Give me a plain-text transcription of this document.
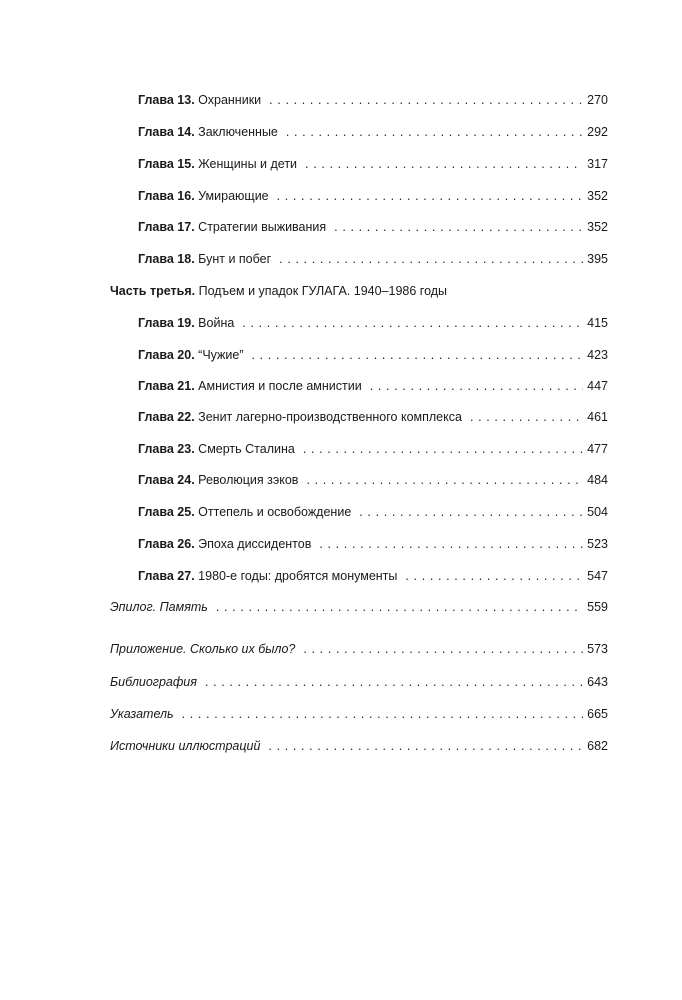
Глава 13. Охранники . . .	270
Глава 14. Заключенные . . .	292
Глава 15. Женщины и дети . . .	317
Глава 16. Умирающие . . .	352
Глава 17. Стратегии выживания . . .	352
Глава 18. Бунт и побег . . .	395
Часть третья. Подъем и упадок ГУЛАГА. 1940–1986 годы
Глава 19. Война . . .	415
Глава 20. “Чужие” . . .	423
Глава 21. Амнистия и после амнистии . . .	447
Глава 22. Зенит лагерно-производственного комплекса . . .	461
Глава 23. Смерть Сталина . . .	477
Глава 24. Революция зэков . . .	484
Глава 25. Оттепель и освобождение . . .	504
Глава 26. Эпоха диссидентов . . .	523
Глава 27. 1980-е годы: дробятся монументы . . .	547
Эпилог. Память . . .	559
Приложение. Сколько их было? . . .	573
Библиография . . .	643
Указатель . . .	665
Источники иллюстраций . . .	682
